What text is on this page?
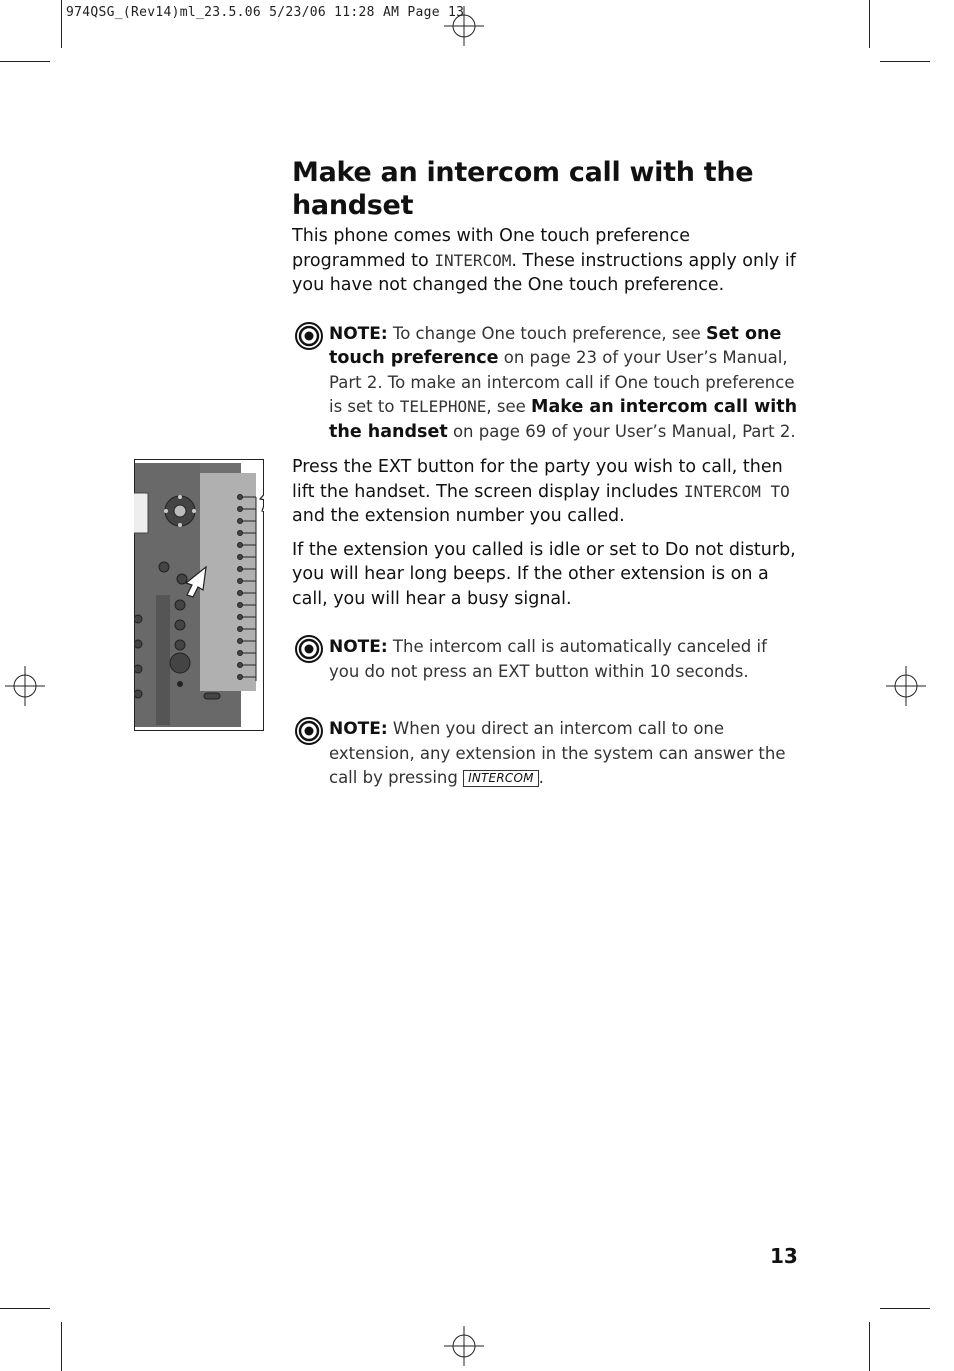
974QSG_(Rev14)ml_23.5.06 5/23/06 11:28 AM Page 13
Make an intercom call with the handset

This phone comes with One touch preference programmed to INTERCOM. These instructions apply only if you have not changed the One touch preference.

NOTE: To change One touch preference, see Set one touch preference on page 23 of your User’s Manual, Part 2. To make an intercom call if One touch preference is set to TELEPHONE, see Make an intercom call with the handset on page 69 of your User’s Manual, Part 2.

Press the EXT button for the party you wish to call, then lift the handset. The screen display includes INTERCOM TO and the extension number you called.

If the extension you called is idle or set to Do not disturb, you will hear long beeps. If the other extension is on a call, you will hear a busy signal.

NOTE: The intercom call is automatically canceled if you do not press an EXT button within 10 seconds.
NOTE: When you direct an intercom call to one extension, any extension in the system can answer the call by pressing INTERCOM .
13
